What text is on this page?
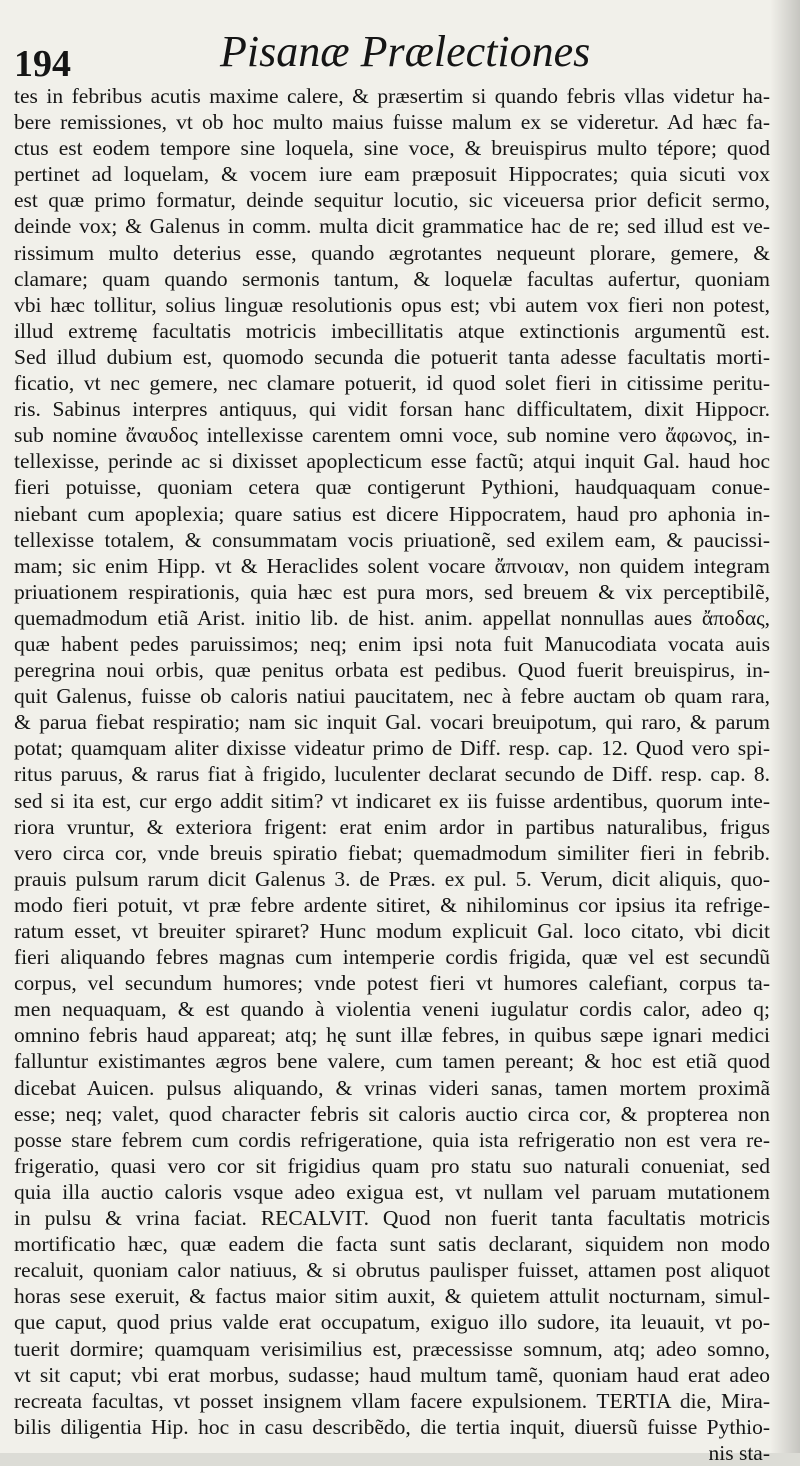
194	Pisanæ Prælectiones
tes in febribus acutis maxime calere, & præsertim si quando febris vllas videtur ha-
bere remissiones, vt ob hoc multo maius fuisse malum ex se videretur. Ad hæc fa-
ctus est eodem tempore sine loquela, sine voce, & breuispirus multo tépore; quod
pertinet ad loquelam, & vocem iure eam præposuit Hippocrates; quia sicuti vox
est quæ primo formatur, deinde sequitur locutio, sic viceuersa prior deficit sermo,
deinde vox; & Galenus in comm. multa dicit grammatice hac de re; sed illud est ve-
rissimum multo deterius esse, quando ægrotantes nequeunt plorare, gemere, &
clamare; quam quando sermonis tantum, & loquelæ facultas aufertur, quoniam
vbi hæc tollitur, solius linguæ resolutionis opus est; vbi autem vox fieri non potest,
illud extremę facultatis motricis imbecillitatis atque extinctionis argumentũ est.
Sed illud dubium est, quomodo secunda die potuerit tanta adesse facultatis morti-
ficatio, vt nec gemere, nec clamare potuerit, id quod solet fieri in citissime peritu-
ris. Sabinus interpres antiquus, qui vidit forsan hanc difficultatem, dixit Hippocr.
sub nomine ἄναυδος intellexisse carentem omni voce, sub nomine vero ἄφωνος, in-
tellexisse, perinde ac si dixisset apoplecticum esse factũ; atqui inquit Gal. haud hoc
fieri potuisse, quoniam cetera quæ contigerunt Pythioni, haudquaquam conue-
niebant cum apoplexia; quare satius est dicere Hippocratem, haud pro aphonia in-
tellexisse totalem, & consummatam vocis priuationẽ, sed exilem eam, & paucissi-
mam; sic enim Hipp. vt & Heraclides solent vocare ἄπνοιαν, non quidem integram
priuationem respirationis, quia hæc est pura mors, sed breuem & vix perceptibilẽ,
quemadmodum etiã Arist. initio lib. de hist. anim. appellat nonnullas aues ἄποδας,
quæ habent pedes paruissimos; neq; enim ipsi nota fuit Manucodiata vocata auis
peregrina noui orbis, quæ penitus orbata est pedibus. Quod fuerit breuispirus, in-
quit Galenus, fuisse ob caloris natiui paucitatem, nec à febre auctam ob quam rara,
& parua fiebat respiratio; nam sic inquit Gal. vocari breuipotum, qui raro, & parum
potat; quamquam aliter dixisse videatur primo de Diff. resp. cap. 12. Quod vero spi-
ritus paruus, & rarus fiat à frigido, luculenter declarat secundo de Diff. resp. cap. 8.
sed si ita est, cur ergo addit sitim? vt indicaret ex iis fuisse ardentibus, quorum inte-
riora vruntur, & exteriora frigent: erat enim ardor in partibus naturalibus, frigus
vero circa cor, vnde breuis spiratio fiebat; quemadmodum similiter fieri in febrib.
prauis pulsum rarum dicit Galenus 3. de Præs. ex pul. 5. Verum, dicit aliquis, quo-
modo fieri potuit, vt præ febre ardente sitiret, & nihilominus cor ipsius ita refrige-
ratum esset, vt breuiter spiraret? Hunc modum explicuit Gal. loco citato, vbi dicit
fieri aliquando febres magnas cum intemperie cordis frigida, quæ vel est secundũ
corpus, vel secundum humores; vnde potest fieri vt humores calefiant, corpus ta-
men nequaquam, & est quando à violentia veneni iugulatur cordis calor, adeo q;
omnino febris haud appareat; atq; hę sunt illæ febres, in quibus sæpe ignari medici
falluntur existimantes ægros bene valere, cum tamen pereant; & hoc est etiã quod
dicebat Auicen. pulsus aliquando, & vrinas videri sanas, tamen mortem proximã
esse; neq; valet, quod character febris sit caloris auctio circa cor, & propterea non
posse stare febrem cum cordis refrigeratione, quia ista refrigeratio non est vera re-
frigeratio, quasi vero cor sit frigidius quam pro statu suo naturali conueniat, sed
quia illa auctio caloris vsque adeo exigua est, vt nullam vel paruam mutationem
in pulsu & vrina faciat. RECALVIT. Quod non fuerit tanta facultatis motricis
mortificatio hæc, quæ eadem die facta sunt satis declarant, siquidem non modo
recaluit, quoniam calor natiuus, & si obrutus paulisper fuisset, attamen post aliquot
horas sese exeruit, & factus maior sitim auxit, & quietem attulit nocturnam, simul-
que caput, quod prius valde erat occupatum, exiguo illo sudore, ita leuauit, vt po-
tuerit dormire; quamquam verisimilius est, præcessisse somnum, atq; adeo somno,
vt sit caput; vbi erat morbus, sudasse; haud multum tamẽ, quoniam haud erat adeo
recreata facultas, vt posset insignem vllam facere expulsionem. TERTIA die, Mira-
bilis diligentia Hip. hoc in casu describẽdo, die tertia inquit, diuersũ fuisse Pythio-
nis sta-
